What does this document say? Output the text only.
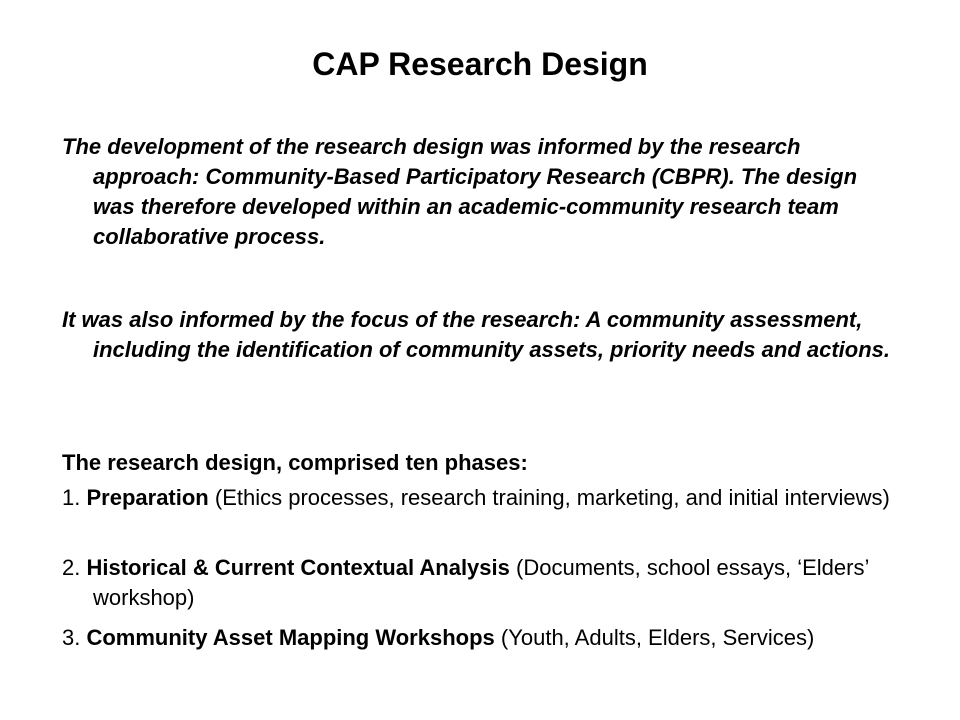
CAP Research Design
The development of the research design was informed by the research approach: Community-Based Participatory Research (CBPR). The design was therefore developed within an academic-community research team collaborative process.
It was also informed by the focus of the research: A community assessment, including the identification of community assets, priority needs and actions.
The research design, comprised ten phases:
1. Preparation (Ethics processes, research training, marketing, and initial interviews)
2. Historical & Current Contextual Analysis (Documents, school essays, ‘Elders’ workshop)
3. Community Asset Mapping Workshops (Youth, Adults, Elders, Services)
